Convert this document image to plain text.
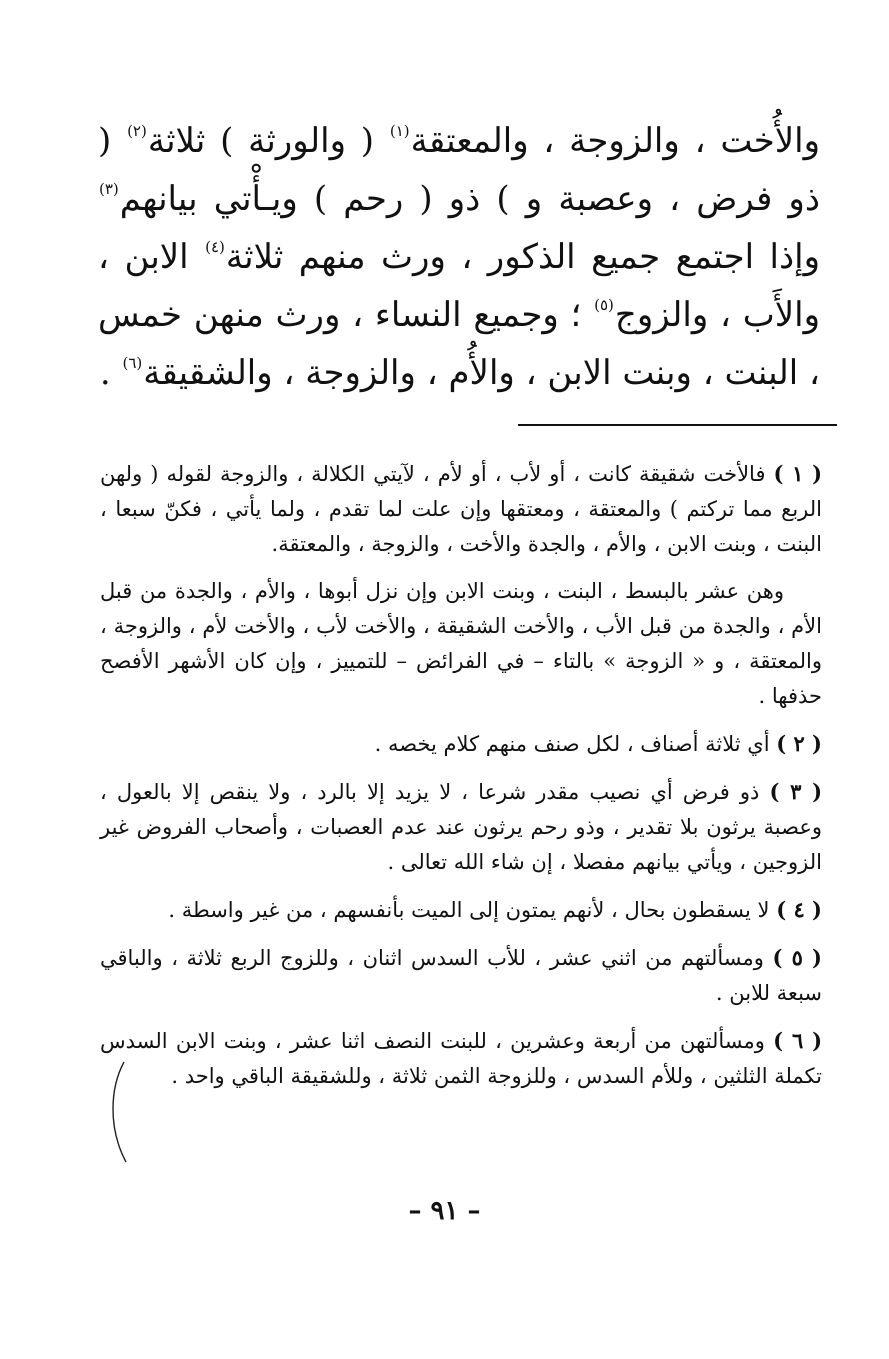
والأُخت ، والزوجة ، والمعتقة$^{(١)}$ ( والورثة ) ثلاثة$^{(٢)}$ ( ذو فرض ، وعصبة و ) ذو ( رحم ) ويـأْتي بيانهم$^{(٣)}$ وإذا اجتمع جميع الذكور ، ورث منهم ثلاثة$^{(٤)}$ الابن ، والأَب ، والزوج$^{(٥)}$ ؛ وجميع النساء ، ورث منهن خمس ، البنت ، وبنت الابن ، والأُم ، والزوجة ، والشقيقة$^{(٦)}$ .

( ١ ) فالأخت شقيقة كانت ، أو لأب ، أو لأم ، لآيتي الكلالة ، والزوجة لقوله ( ولهن الربع مما تركتم ) والمعتقة ، ومعتقها وإن علت لما تقدم ، ولما يأتي ، فكنّ سبعا ، البنت ، وبنت الابن ، والأم ، والجدة والأخت ، والزوجة ، والمعتقة.

وهن عشر بالبسط ، البنت ، وبنت الابن وإن نزل أبوها ، والأم ، والجدة من قبل الأم ، والجدة من قبل الأب ، والأخت الشقيقة ، والأخت لأب ، والأخت لأم ، والزوجة ، والمعتقة ، و « الزوجة » بالتاء – في الفرائض – للتمييز ، وإن كان الأشهر الأفصح حذفها .

( ٢ ) أي ثلاثة أصناف ، لكل صنف منهم كلام يخصه .

( ٣ ) ذو فرض أي نصيب مقدر شرعا ، لا يزيد إلا بالرد ، ولا ينقص إلا بالعول ، وعصبة يرثون بلا تقدير ، وذو رحم يرثون عند عدم العصبات ، وأصحاب الفروض غير الزوجين ، ويأتي بيانهم مفصلا ، إن شاء الله تعالى .

( ٤ ) لا يسقطون بحال ، لأنهم يمتون إلى الميت بأنفسهم ، من غير واسطة .

( ٥ ) ومسألتهم من اثني عشر ، للأب السدس اثنان ، وللزوج الربع ثلاثة ، والباقي سبعة للابن .

( ٦ ) ومسألتهن من أربعة وعشرين ، للبنت النصف اثنا عشر ، وبنت الابن السدس تكملة الثلثين ، وللأم السدس ، وللزوجة الثمن ثلاثة ، وللشقيقة الباقي واحد .

– ٩١ –
